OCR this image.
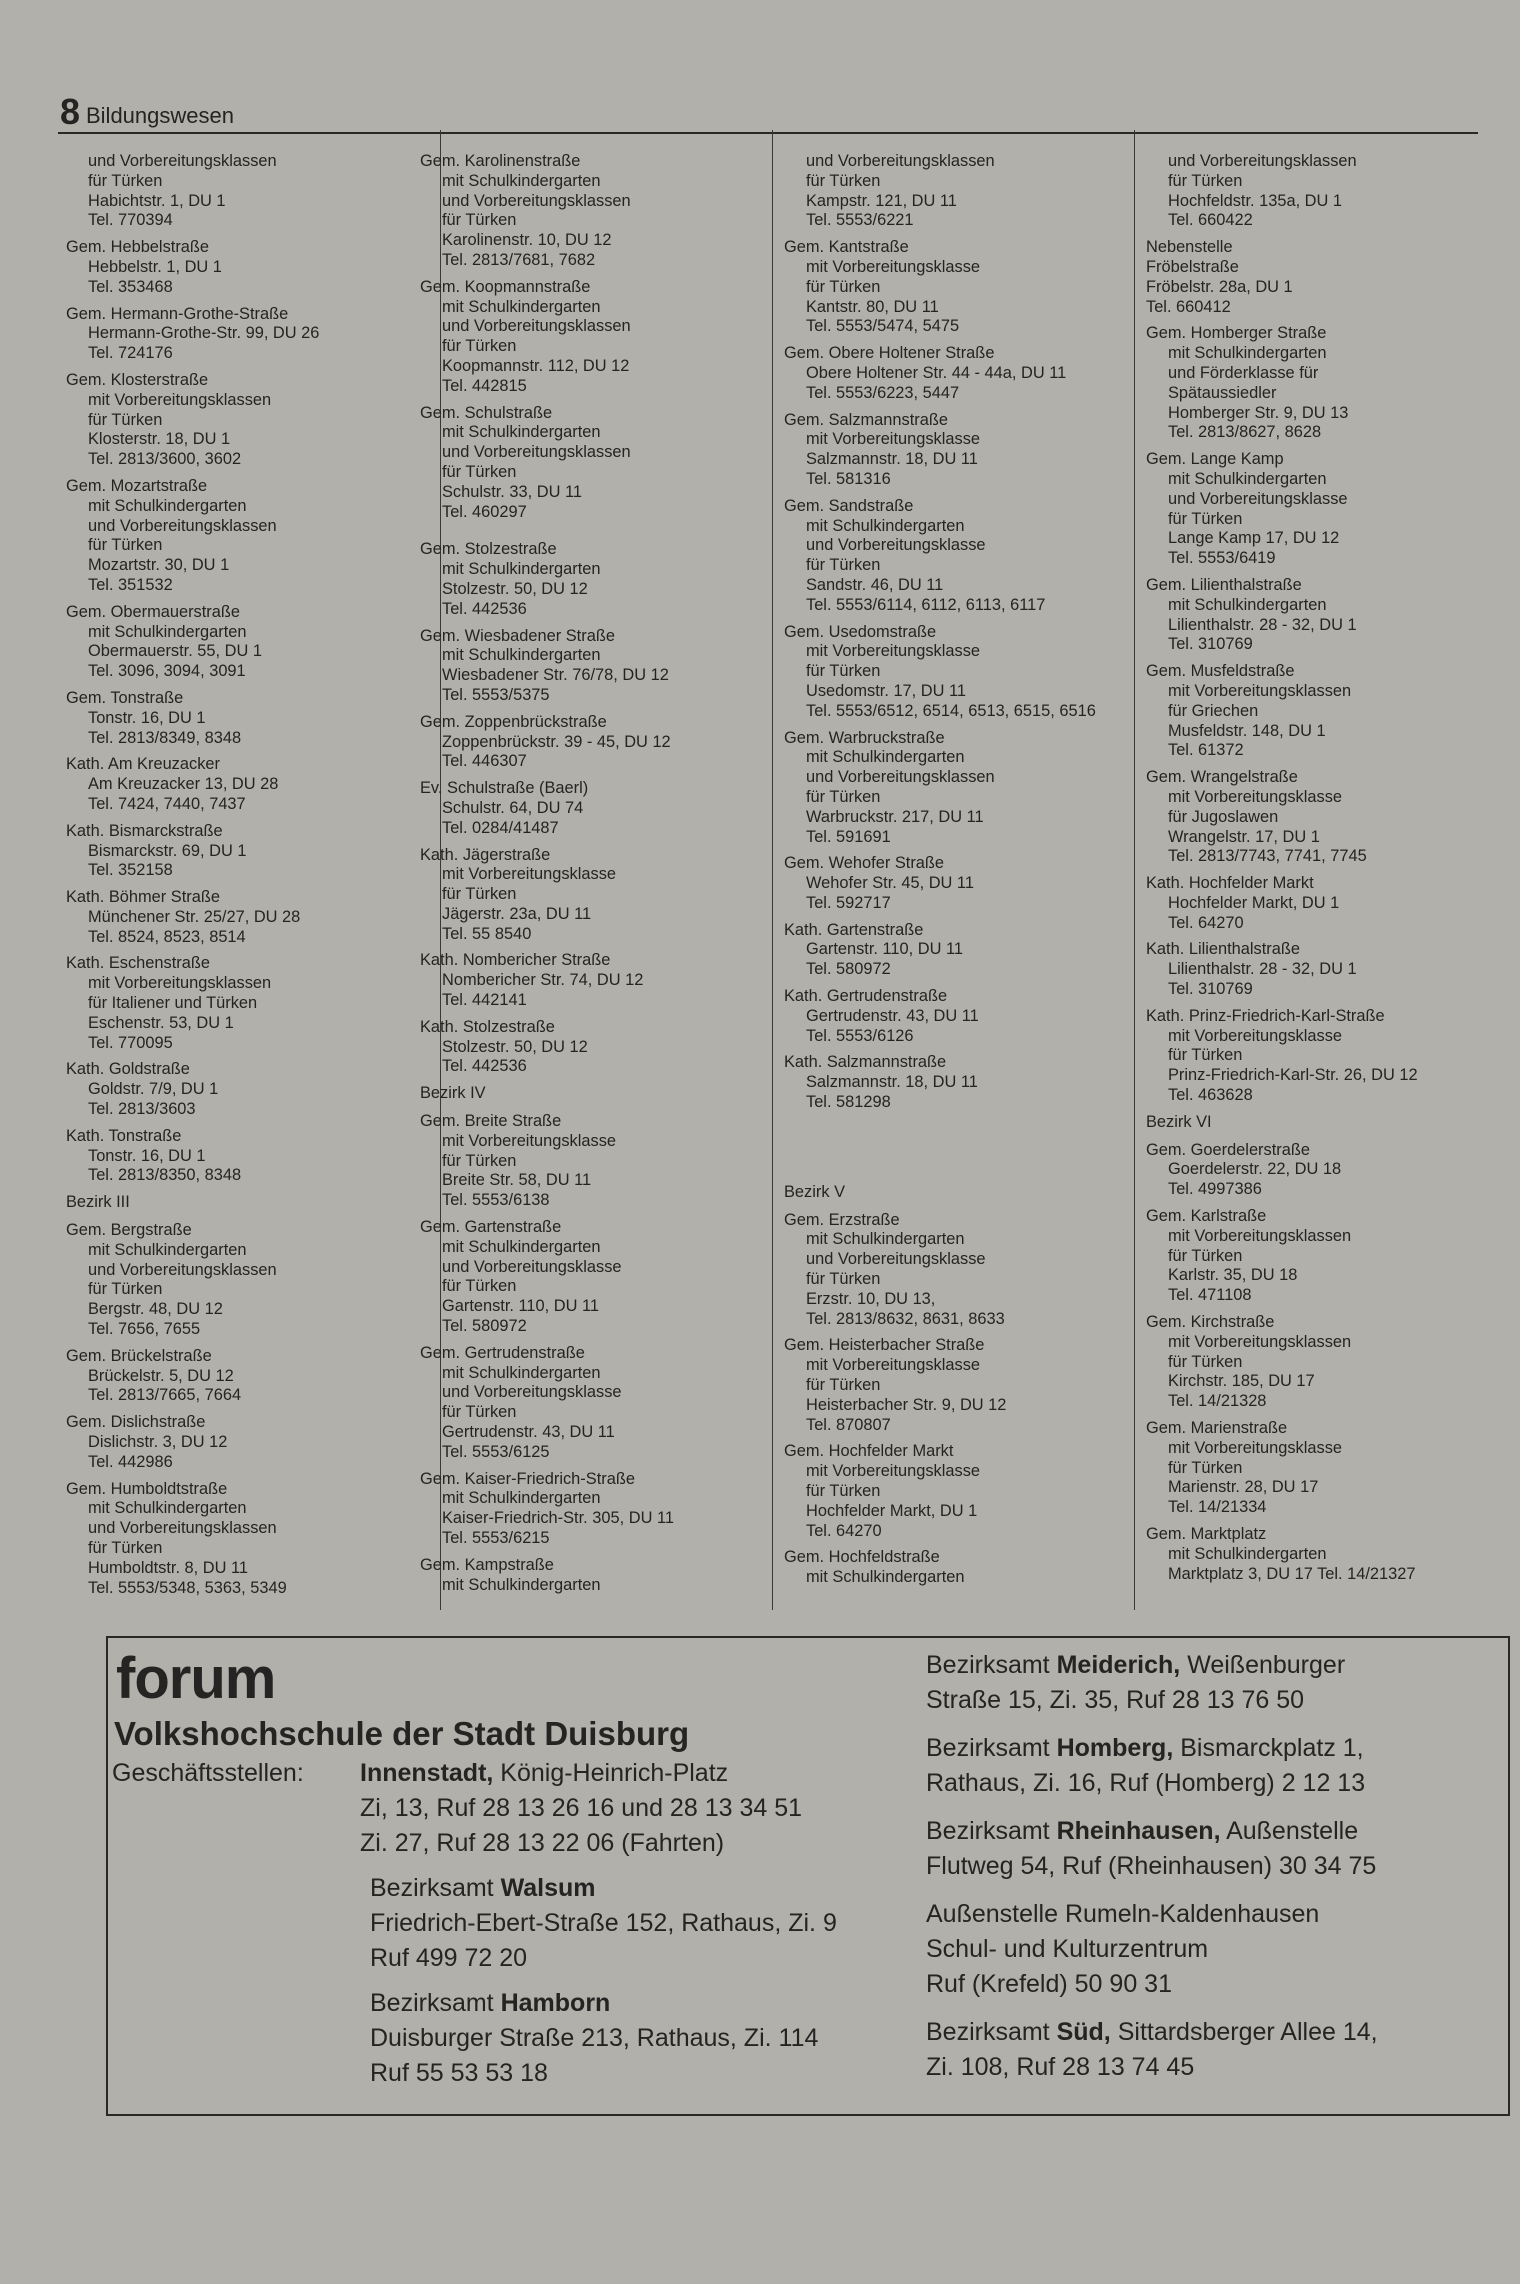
8 Bildungswesen
und Vorbereitungsklassen
für Türken
Habichtstr. 1, DU 1
Tel. 770394
Gem. Hebbelstraße
Hebbelstr. 1, DU 1
Tel. 353468
Gem. Hermann-Grothe-Straße
Hermann-Grothe-Str. 99, DU 26
Tel. 724176
Gem. Klosterstraße
mit Vorbereitungsklassen
für Türken
Klosterstr. 18, DU 1
Tel. 2813/3600, 3602
Gem. Mozartstraße
mit Schulkindergarten
und Vorbereitungsklassen
für Türken
Mozartstr. 30, DU 1
Tel. 351532
Gem. Obermauerstraße
mit Schulkindergarten
Obermauerstr. 55, DU 1
Tel. 3096, 3094, 3091
Gem. Tonstraße
Tonstr. 16, DU 1
Tel. 2813/8349, 8348
Kath. Am Kreuzacker
Am Kreuzacker 13, DU 28
Tel. 7424, 7440, 7437
Kath. Bismarckstraße
Bismarckstr. 69, DU 1
Tel. 352158
Kath. Böhmer Straße
Münchener Str. 25/27, DU 28
Tel. 8524, 8523, 8514
Kath. Eschenstraße
mit Vorbereitungsklassen
für Italiener und Türken
Eschenstr. 53, DU 1
Tel. 770095
Kath. Goldstraße
Goldstr. 7/9, DU 1
Tel. 2813/3603
Kath. Tonstraße
Tonstr. 16, DU 1
Tel. 2813/8350, 8348
Bezirk III
Gem. Bergstraße
mit Schulkindergarten
und Vorbereitungsklassen
für Türken
Bergstr. 48, DU 12
Tel. 7656, 7655
Gem. Brückelstraße
Brückelstr. 5, DU 12
Tel. 2813/7665, 7664
Gem. Dislichstraße
Dislichstr. 3, DU 12
Tel. 442986
Gem. Humboldtstraße
mit Schulkindergarten
und Vorbereitungsklassen
für Türken
Humboldtstr. 8, DU 11
Tel. 5553/5348, 5363, 5349
Gem. Karolinenstraße
mit Schulkindergarten
und Vorbereitungsklassen
für Türken
Karolinenstr. 10, DU 12
Tel. 2813/7681, 7682
Gem. Koopmannstraße
mit Schulkindergarten
und Vorbereitungsklassen
für Türken
Koopmannstr. 112, DU 12
Tel. 442815
Gem. Schulstraße
mit Schulkindergarten
und Vorbereitungsklassen
für Türken
Schulstr. 33, DU 11
Tel. 460297
Gem. Stolzestraße
mit Schulkindergarten
Stolzestr. 50, DU 12
Tel. 442536
Gem. Wiesbadener Straße
mit Schulkindergarten
Wiesbadener Str. 76/78, DU 12
Tel. 5553/5375
Gem. Zoppenbrückstraße
Zoppenbrückstr. 39 - 45, DU 12
Tel. 446307
Ev. Schulstraße (Baerl)
Schulstr. 64, DU 74
Tel. 0284/41487
Kath. Jägerstraße
mit Vorbereitungsklasse
für Türken
Jägerstr. 23a, DU 11
Tel. 55 8540
Kath. Nombericher Straße
Nombericher Str. 74, DU 12
Tel. 442141
Kath. Stolzestraße
Stolzestr. 50, DU 12
Tel. 442536
Bezirk IV
Gem. Breite Straße
mit Vorbereitungsklasse
für Türken
Breite Str. 58, DU 11
Tel. 5553/6138
Gem. Gartenstraße
mit Schulkindergarten
und Vorbereitungsklasse
für Türken
Gartenstr. 110, DU 11
Tel. 580972
Gem. Gertrudenstraße
mit Schulkindergarten
und Vorbereitungsklasse
für Türken
Gertrudenstr. 43, DU 11
Tel. 5553/6125
Gem. Kaiser-Friedrich-Straße
mit Schulkindergarten
Kaiser-Friedrich-Str. 305, DU 11
Tel. 5553/6215
Gem. Kampstraße
mit Schulkindergarten
und Vorbereitungsklassen
für Türken
Kampstr. 121, DU 11
Tel. 5553/6221
Gem. Kantstraße
mit Vorbereitungsklasse
für Türken
Kantstr. 80, DU 11
Tel. 5553/5474, 5475
Gem. Obere Holtener Straße
Obere Holtener Str. 44 - 44a, DU 11
Tel. 5553/6223, 5447
Gem. Salzmannstraße
mit Vorbereitungsklasse
Salzmannstr. 18, DU 11
Tel. 581316
Gem. Sandstraße
mit Schulkindergarten
und Vorbereitungsklasse
für Türken
Sandstr. 46, DU 11
Tel. 5553/6114, 6112, 6113, 6117
Gem. Usedomstraße
mit Vorbereitungsklasse
für Türken
Usedomstr. 17, DU 11
Tel. 5553/6512, 6514, 6513, 6515, 6516
Gem. Warbruckstraße
mit Schulkindergarten
und Vorbereitungsklassen
für Türken
Warbruckstr. 217, DU 11
Tel. 591691
Gem. Wehofer Straße
Wehofer Str. 45, DU 11
Tel. 592717
Kath. Gartenstraße
Gartenstr. 110, DU 11
Tel. 580972
Kath. Gertrudenstraße
Gertrudenstr. 43, DU 11
Tel. 5553/6126
Kath. Salzmannstraße
Salzmannstr. 18, DU 11
Tel. 581298
Bezirk V
Gem. Erzstraße
mit Schulkindergarten
und Vorbereitungsklasse
für Türken
Erzstr. 10, DU 13,
Tel. 2813/8632, 8631, 8633
Gem. Heisterbacher Straße
mit Vorbereitungsklasse
für Türken
Heisterbacher Str. 9, DU 12
Tel. 870807
Gem. Hochfelder Markt
mit Vorbereitungsklasse
für Türken
Hochfelder Markt, DU 1
Tel. 64270
Gem. Hochfeldstraße
mit Schulkindergarten
und Vorbereitungsklassen
für Türken
Hochfeldstr. 135a, DU 1
Tel. 660422
Nebenstelle
Fröbelstraße
Fröbelstr. 28a, DU 1
Tel. 660412
Gem. Homberger Straße
mit Schulkindergarten
und Förderklasse für
Spätaussiedler
Homberger Str. 9, DU 13
Tel. 2813/8627, 8628
Gem. Lange Kamp
mit Schulkindergarten
und Vorbereitungsklasse
für Türken
Lange Kamp 17, DU 12
Tel. 5553/6419
Gem. Lilienthalstraße
mit Schulkindergarten
Lilienthalstr. 28 - 32, DU 1
Tel. 310769
Gem. Musfeldstraße
mit Vorbereitungsklassen
für Griechen
Musfeldstr. 148, DU 1
Tel. 61372
Gem. Wrangelstraße
mit Vorbereitungsklasse
für Jugoslawen
Wrangelstr. 17, DU 1
Tel. 2813/7743, 7741, 7745
Kath. Hochfelder Markt
Hochfelder Markt, DU 1
Tel. 64270
Kath. Lilienthalstraße
Lilienthalstr. 28 - 32, DU 1
Tel. 310769
Kath. Prinz-Friedrich-Karl-Straße
mit Vorbereitungsklasse
für Türken
Prinz-Friedrich-Karl-Str. 26, DU 12
Tel. 463628
Bezirk VI
Gem. Goerdelerstraße
Goerdelerstr. 22, DU 18
Tel. 4997386
Gem. Karlstraße
mit Vorbereitungsklassen
für Türken
Karlstr. 35, DU 18
Tel. 471108
Gem. Kirchstraße
mit Vorbereitungsklassen
für Türken
Kirchstr. 185, DU 17
Tel. 14/21328
Gem. Marienstraße
mit Vorbereitungsklasse
für Türken
Marienstr. 28, DU 17
Tel. 14/21334
Gem. Marktplatz
mit Schulkindergarten
Marktplatz 3, DU 17 Tel. 14/21327
forum
Volkshochschule der Stadt Duisburg
Geschäftsstellen: Innenstadt, König-Heinrich-Platz
Zi, 13, Ruf 28 13 26 16 und 28 13 34 51
Zi. 27, Ruf 28 13 22 06 (Fahrten)
Bezirksamt Walsum
Friedrich-Ebert-Straße 152, Rathaus, Zi. 9
Ruf 499 72 20
Bezirksamt Hamborn
Duisburger Straße 213, Rathaus, Zi. 114
Ruf 55 53 53 18
Bezirksamt Meiderich, Weißenburger
Straße 15, Zi. 35, Ruf 28 13 76 50
Bezirksamt Homberg, Bismarckplatz 1,
Rathaus, Zi. 16, Ruf (Homberg) 2 12 13
Bezirksamt Rheinhausen, Außenstelle
Flutweg 54, Ruf (Rheinhausen) 30 34 75
Außenstelle Rumeln-Kaldenhausen
Schul- und Kulturzentrum
Ruf (Krefeld) 50 90 31
Bezirksamt Süd, Sittardsberger Allee 14,
Zi. 108, Ruf 28 13 74 45
